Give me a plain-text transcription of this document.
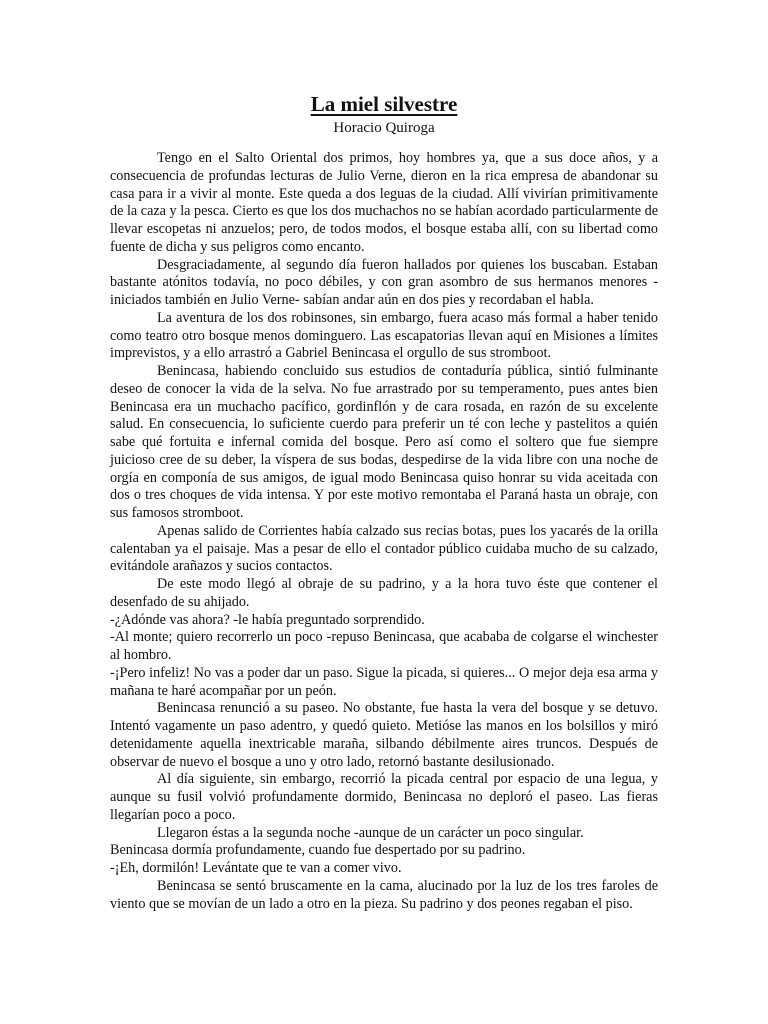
La miel silvestre
Horacio Quiroga

Tengo en el Salto Oriental dos primos, hoy hombres ya, que a sus doce años, y a consecuencia de profundas lecturas de Julio Verne, dieron en la rica empresa de abandonar su casa para ir a vivir al monte. Este queda a dos leguas de la ciudad. Allí vivirían primitivamente de la caza y la pesca. Cierto es que los dos muchachos no se habían acordado particularmente de llevar escopetas ni anzuelos; pero, de todos modos, el bosque estaba allí, con su libertad como fuente de dicha y sus peligros como encanto.

Desgraciadamente, al segundo día fueron hallados por quienes los buscaban. Estaban bastante atónitos todavía, no poco débiles, y con gran asombro de sus hermanos menores -iniciados también en Julio Verne- sabían andar aún en dos pies y recordaban el habla.

La aventura de los dos robinsones, sin embargo, fuera acaso más formal a haber tenido como teatro otro bosque menos dominguero. Las escapatorias llevan aquí en Misiones a límites imprevistos, y a ello arrastró a Gabriel Benincasa el orgullo de sus stromboot.

Benincasa, habiendo concluido sus estudios de contaduría pública, sintió fulminante deseo de conocer la vida de la selva. No fue arrastrado por su temperamento, pues antes bien Benincasa era un muchacho pacífico, gordinflón y de cara rosada, en razón de su excelente salud. En consecuencia, lo suficiente cuerdo para preferir un té con leche y pastelitos a quién sabe qué fortuita e infernal comida del bosque. Pero así como el soltero que fue siempre juicioso cree de su deber, la víspera de sus bodas, despedirse de la vida libre con una noche de orgía en componía de sus amigos, de igual modo Benincasa quiso honrar su vida aceitada con dos o tres choques de vida intensa. Y por este motivo remontaba el Paraná hasta un obraje, con sus famosos stromboot.

Apenas salido de Corrientes había calzado sus recias botas, pues los yacarés de la orilla calentaban ya el paisaje. Mas a pesar de ello el contador público cuidaba mucho de su calzado, evitándole arañazos y sucios contactos.

De este modo llegó al obraje de su padrino, y a la hora tuvo éste que contener el desenfado de su ahijado.

-¿Adónde vas ahora? -le había preguntado sorprendido.

-Al monte; quiero recorrerlo un poco -repuso Benincasa, que acababa de colgarse el winchester al hombro.

-¡Pero infeliz! No vas a poder dar un paso. Sigue la picada, si quieres... O mejor deja esa arma y mañana te haré acompañar por un peón.

Benincasa renunció a su paseo. No obstante, fue hasta la vera del bosque y se detuvo. Intentó vagamente un paso adentro, y quedó quieto. Metióse las manos en los bolsillos y miró detenidamente aquella inextricable maraña, silbando débilmente aires truncos. Después de observar de nuevo el bosque a uno y otro lado, retornó bastante desilusionado.

Al día siguiente, sin embargo, recorrió la picada central por espacio de una legua, y aunque su fusil volvió profundamente dormido, Benincasa no deploró el paseo. Las fieras llegarían poco a poco.

Llegaron éstas a la segunda noche -aunque de un carácter un poco singular.

Benincasa dormía profundamente, cuando fue despertado por su padrino.

-¡Eh, dormilón! Levántate que te van a comer vivo.

Benincasa se sentó bruscamente en la cama, alucinado por la luz de los tres faroles de viento que se movían de un lado a otro en la pieza. Su padrino y dos peones regaban el piso.
